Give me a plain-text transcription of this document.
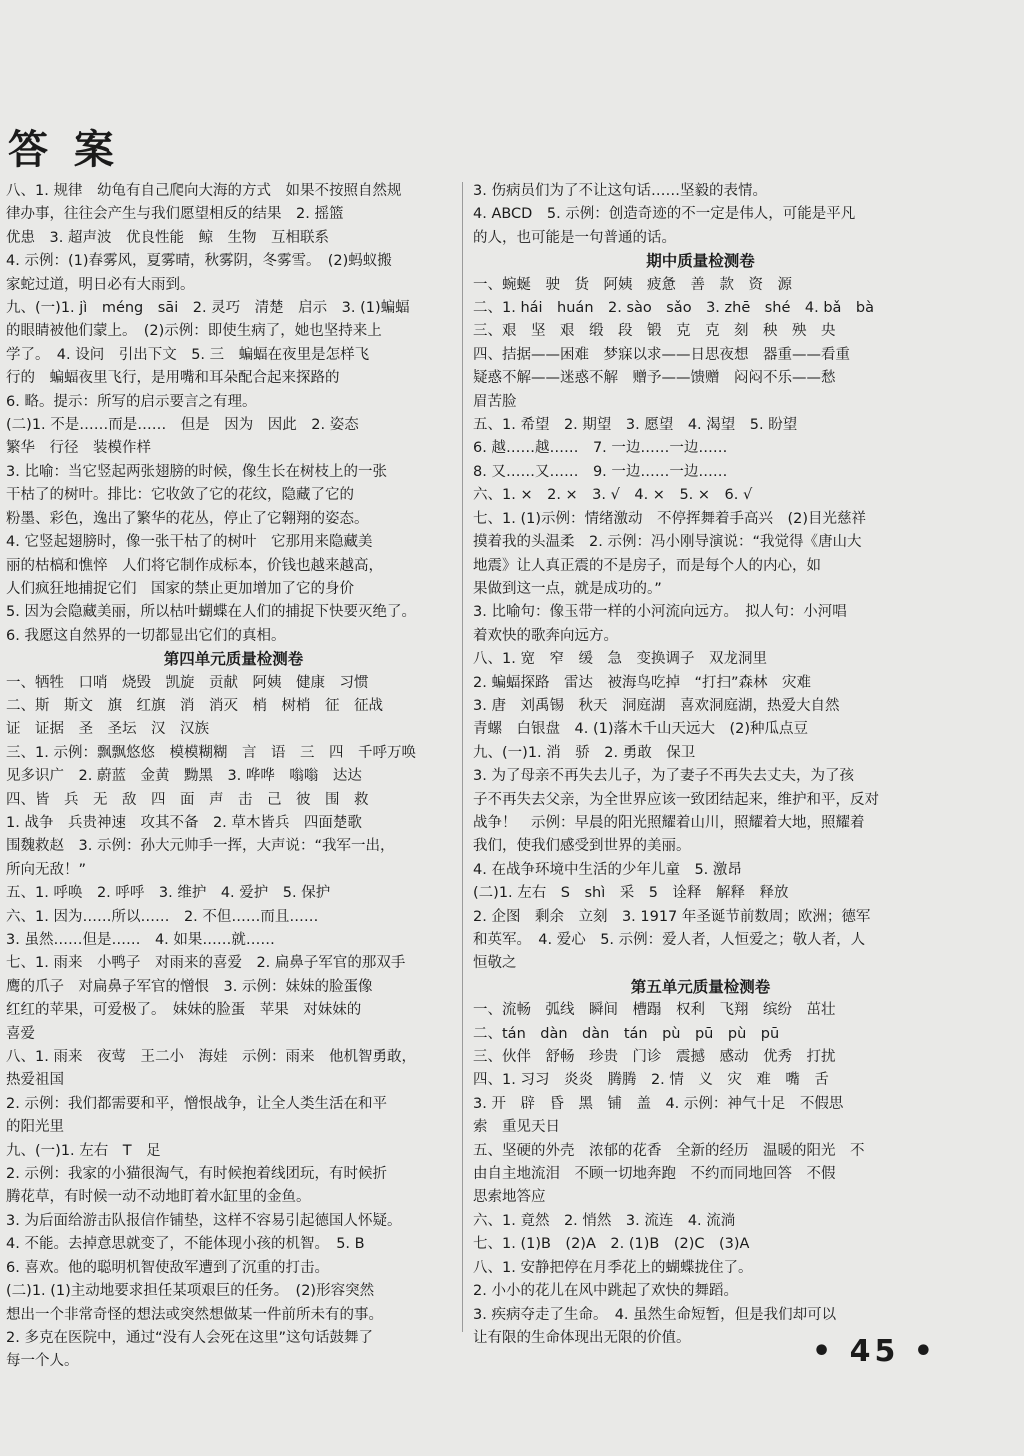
答 案
八、1. 规律　幼龟有自己爬向大海的方式　如果不按照自然规
律办事，往往会产生与我们愿望相反的结果　2. 摇篮
优患　3. 超声波　优良性能　鲸　生物　互相联系
4. 示例：(1)春雾风，夏雾晴，秋雾阴，冬雾雪。　(2)蚂蚁搬
家蛇过道，明日必有大雨到。
九、(一)1. jì　méng　sāi　2. 灵巧　清楚　启示　3. (1)蝙蝠
的眼睛被他们蒙上。　(2)示例：即使生病了，她也坚持来上
学了。　4. 设问　引出下文　5. 三　蝙蝠在夜里是怎样飞
行的　蝙蝠夜里飞行，是用嘴和耳朵配合起来探路的
6. 略。提示：所写的启示要言之有理。
(二)1. 不是……而是……　但是　因为　因此　2. 姿态
繁华　行径　装模作样
3. 比喻：当它竖起两张翅膀的时候，像生长在树枝上的一张
干枯了的树叶。排比：它收敛了它的花纹，隐藏了它的
粉墨、彩色，逸出了繁华的花丛，停止了它翱翔的姿态。
4. 它竖起翅膀时，像一张干枯了的树叶　它那用来隐藏美
丽的枯槁和憔悴　人们将它制作成标本，价钱也越来越高，
人们疯狂地捕捉它们　国家的禁止更加增加了它的身价
5. 因为会隐藏美丽，所以枯叶蝴蝶在人们的捕捉下快要灭绝了。
6. 我愿这自然界的一切都显出它们的真相。
第四单元质量检测卷
一、牺牲　口哨　烧毁　凯旋　贡献　阿姨　健康　习惯
二、斯　斯文　旗　红旗　消　消灭　梢　树梢　征　征战
证　证据　圣　圣坛　汉　汉族
三、1. 示例：飘飘悠悠　模模糊糊　言　语　三　四　千呼万唤
见多识广　2. 蔚蓝　金黄　黝黑　3. 哗哗　嗡嗡　达达
四、皆　兵　无　敌　四　面　声　击　己　彼　围　救
1. 战争　兵贵神速　攻其不备　2. 草木皆兵　四面楚歌
围魏救赵　3. 示例：孙大元帅手一挥，大声说：“我军一出，
所向无敌！”
五、1. 呼唤　2. 呼呼　3. 维护　4. 爱护　5. 保护
六、1. 因为……所以……　2. 不但……而且……
3. 虽然……但是……　4. 如果……就……
七、1. 雨来　小鸭子　对雨来的喜爱　2. 扁鼻子军官的那双手
鹰的爪子　对扁鼻子军官的憎恨　3. 示例：妹妹的脸蛋像
红红的苹果，可爱极了。　妹妹的脸蛋　苹果　对妹妹的
喜爱
八、1. 雨来　夜莺　王二小　海娃　示例：雨来　他机智勇敢，
热爱祖国
2. 示例：我们都需要和平，憎恨战争，让全人类生活在和平
的阳光里
九、(一)1. 左右　T　足
2. 示例：我家的小猫很淘气，有时候抱着线团玩，有时候折
腾花草，有时候一动不动地盯着水缸里的金鱼。
3. 为后面给游击队报信作铺垫，这样不容易引起德国人怀疑。
4. 不能。去掉意思就变了，不能体现小孩的机智。　5. B
6. 喜欢。他的聪明机智使敌军遭到了沉重的打击。
(二)1. (1)主动地要求担任某项艰巨的任务。　(2)形容突然
想出一个非常奇怪的想法或突然想做某一件前所未有的事。
2. 多克在医院中，通过“没有人会死在这里”这句话鼓舞了
每一个人。
3. 伤病员们为了不让这句话……坚毅的表情。
4. ABCD　5. 示例：创造奇迹的不一定是伟人，可能是平凡
的人，也可能是一句普通的话。
期中质量检测卷
一、蜿蜒　驶　货　阿姨　疲惫　善　款　资　源
二、1. hái　huán　2. sào　sǎo　3. zhē　shé　4. bǎ　bà
三、艰　坚　艰　缎　段　锻　克　克　刻　秧　殃　央
四、拮据——困难　梦寐以求——日思夜想　器重——看重
疑惑不解——迷惑不解　赠予——馈赠　闷闷不乐——愁
眉苦脸
五、1. 希望　2. 期望　3. 愿望　4. 渴望　5. 盼望
6. 越……越……　7. 一边……一边……
8. 又……又……　9. 一边……一边……
六、1. ×　2. ×　3. √　4. ×　5. ×　6. √
七、1. (1)示例：情绪激动　不停挥舞着手高兴　(2)目光慈祥
摸着我的头温柔　2. 示例：冯小刚导演说：“我觉得《唐山大
地震》让人真正震的不是房子，而是每个人的内心，如
果做到这一点，就是成功的。”
3. 比喻句：像玉带一样的小河流向远方。　拟人句：小河唱
着欢快的歌奔向远方。
八、1. 宽　窄　缓　急　变换调子　双龙洞里
2. 蝙蝠探路　雷达　被海鸟吃掉　“打扫”森林　灾难
3. 唐　刘禹锡　秋天　洞庭湖　喜欢洞庭湖，热爱大自然
青螺　白银盘　4. (1)落木千山天远大　(2)种瓜点豆
九、(一)1. 消　骄　2. 勇敢　保卫
3. 为了母亲不再失去儿子，为了妻子不再失去丈夫，为了孩
子不再失去父亲，为全世界应该一致团结起来，维护和平，反对
战争！　示例：早晨的阳光照耀着山川，照耀着大地，照耀着
我们，使我们感受到世界的美丽。
4. 在战争环境中生活的少年儿童　5. 激昂
(二)1. 左右　S　shì　采　5　诠释　解释　释放
2. 企图　剩余　立刻　3. 1917 年圣诞节前数周；欧洲；德军
和英军。　4. 爱心　5. 示例：爱人者，人恒爱之；敬人者，人
恒敬之
第五单元质量检测卷
一、流畅　弧线　瞬间　槽蹋　权利　飞翔　缤纷　茁壮
二、tán　dàn　dàn　tán　pù　pū　pù　pū
三、伙伴　舒畅　珍贵　门诊　震撼　感动　优秀　打扰
四、1. 习习　炎炎　腾腾　2. 情　义　灾　难　嘴　舌
3. 开　辟　昏　黑　铺　盖　4. 示例：神气十足　不假思
索　重见天日
五、坚硬的外壳　浓郁的花香　全新的经历　温暖的阳光　不
由自主地流泪　不顾一切地奔跑　不约而同地回答　不假
思索地答应
六、1. 竟然　2. 悄然　3. 流连　4. 流淌
七、1. (1)B　(2)A　2. (1)B　(2)C　(3)A
八、1. 安静把停在月季花上的蝴蝶拢住了。
2. 小小的花儿在风中跳起了欢快的舞蹈。
3. 疾病夺走了生命。　4. 虽然生命短暂，但是我们却可以
让有限的生命体现出无限的价值。	• 45 •
